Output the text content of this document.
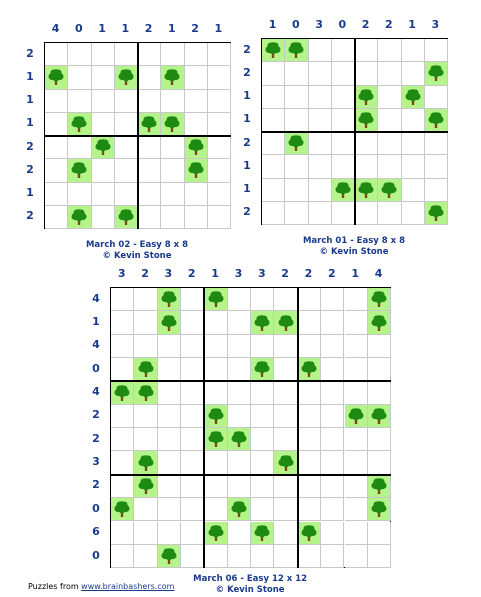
4	0	1	1	2	1	2	1
2
1
1
1
2
2
1
2
March 02 - Easy 8 x 8
© Kevin Stone
1	0	3	0	2	2	1	3
2
2
1
1
2
1
1
2
March 01 - Easy 8 x 8
© Kevin Stone
3	2	3	2	1	3	3	2	2	2	1	4
4
1
4
0
4
2
2
3
2
0
6
0
March 06 - Easy 12 x 12
© Kevin Stone
Puzzles from www.brainbashers.com
